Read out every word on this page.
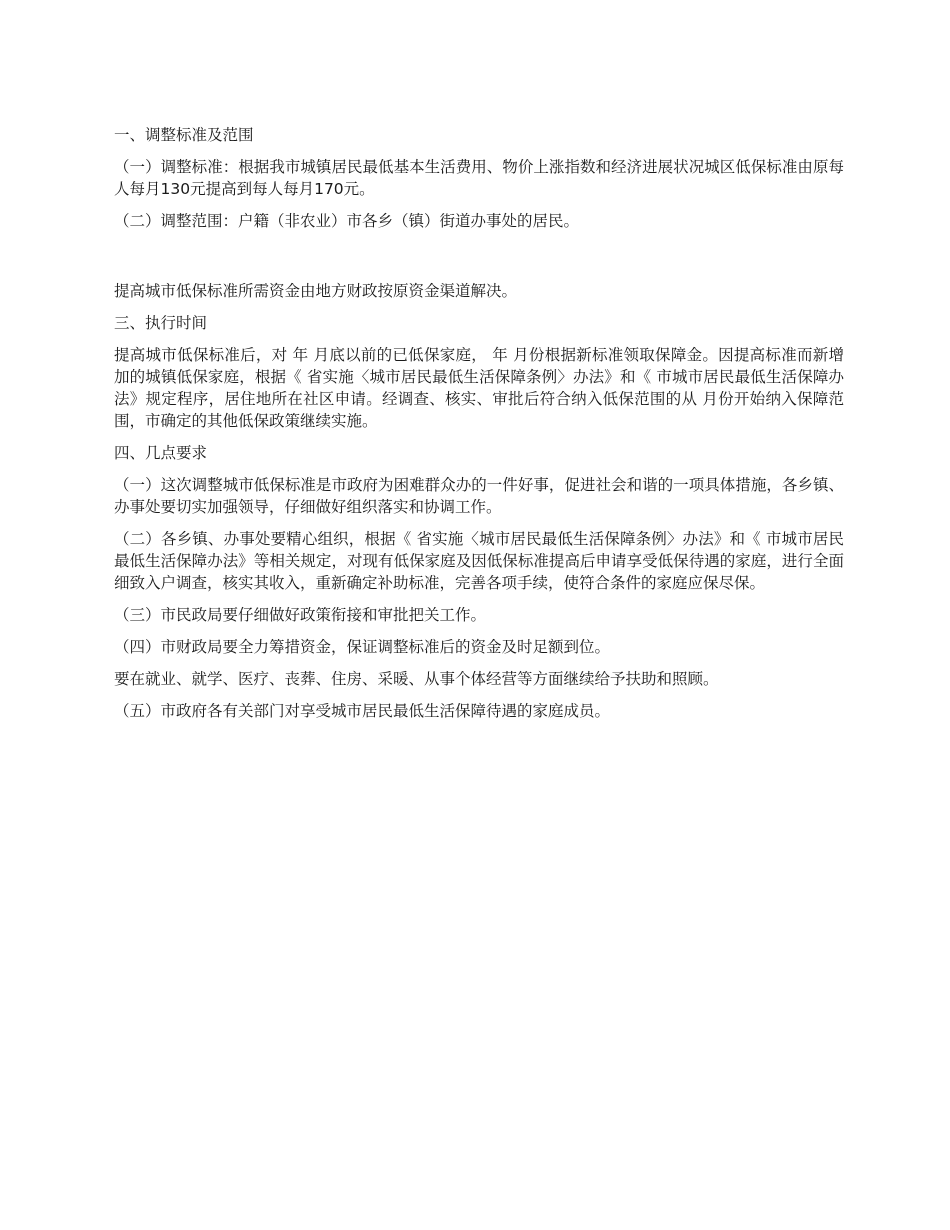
一、调整标准及范围

（一）调整标准：根据我市城镇居民最低基本生活费用、物价上涨指数和经济进展状况城区低保标准由原每人每月130元提高到每人每月170元。

（二）调整范围：户籍（非农业）市各乡（镇）街道办事处的居民。

提高城市低保标准所需资金由地方财政按原资金渠道解决。

三、执行时间

提高城市低保标准后，对 年 月底以前的已低保家庭， 年 月份根据新标准领取保障金。因提高标准而新增加的城镇低保家庭，根据《 省实施〈城市居民最低生活保障条例〉办法》和《 市城市居民最低生活保障办法》规定程序，居住地所在社区申请。经调查、核实、审批后符合纳入低保范围的从 月份开始纳入保障范围，市确定的其他低保政策继续实施。

四、几点要求

（一）这次调整城市低保标准是市政府为困难群众办的一件好事，促进社会和谐的一项具体措施，各乡镇、办事处要切实加强领导，仔细做好组织落实和协调工作。

（二）各乡镇、办事处要精心组织，根据《 省实施〈城市居民最低生活保障条例〉办法》和《 市城市居民最低生活保障办法》等相关规定，对现有低保家庭及因低保标准提高后申请享受低保待遇的家庭，进行全面细致入户调查，核实其收入，重新确定补助标准，完善各项手续，使符合条件的家庭应保尽保。

（三）市民政局要仔细做好政策衔接和审批把关工作。

（四）市财政局要全力筹措资金，保证调整标准后的资金及时足额到位。

要在就业、就学、医疗、丧葬、住房、采暖、从事个体经营等方面继续给予扶助和照顾。

（五）市政府各有关部门对享受城市居民最低生活保障待遇的家庭成员。
